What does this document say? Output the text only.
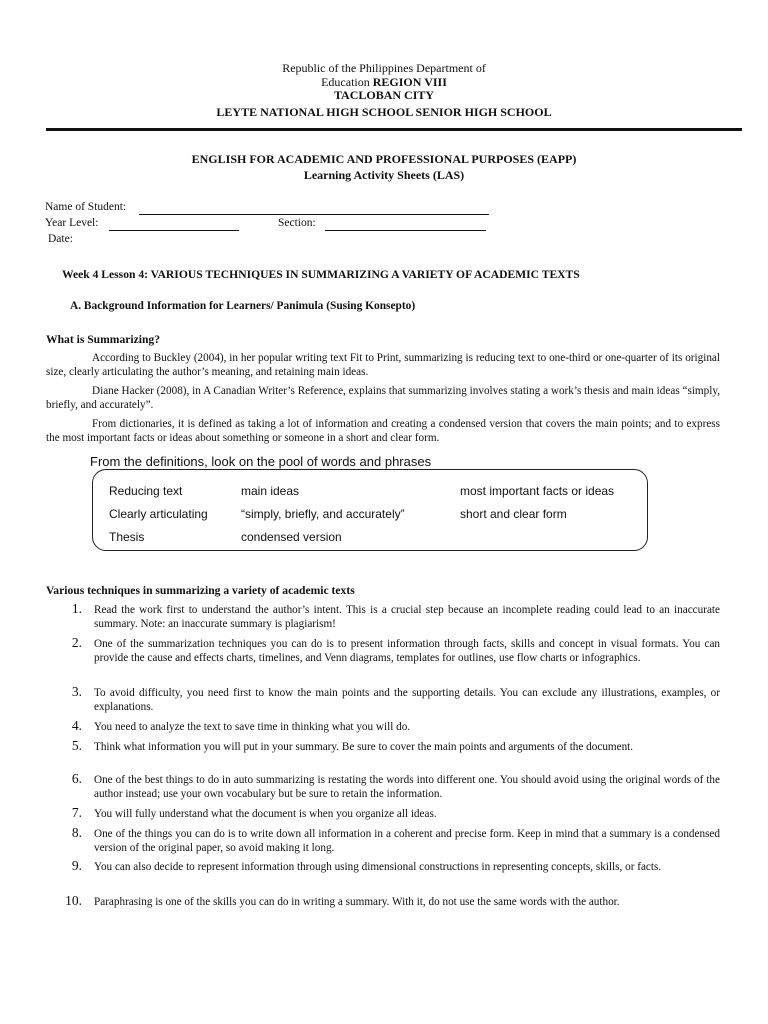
Republic of the Philippines Department of
Education REGION VIII
TACLOBAN CITY
LEYTE NATIONAL HIGH SCHOOL SENIOR HIGH SCHOOL
ENGLISH FOR ACADEMIC AND PROFESSIONAL PURPOSES (EAPP)
Learning Activity Sheets (LAS)
Name of Student:
Year Level:	Section:
Date:
Week 4 Lesson 4: VARIOUS TECHNIQUES IN SUMMARIZING A VARIETY OF ACADEMIC TEXTS
A. Background Information for Learners/ Panimula (Susing Konsepto)
What is Summarizing?
According to Buckley (2004), in her popular writing text Fit to Print, summarizing is reducing text to one-third or one-quarter of its original size, clearly articulating the author’s meaning, and retaining main ideas.
Diane Hacker (2008), in A Canadian Writer’s Reference, explains that summarizing involves stating a work’s thesis and main ideas “simply, briefly, and accurately”.
From dictionaries, it is defined as taking a lot of information and creating a condensed version that covers the main points; and to express the most important facts or ideas about something or someone in a short and clear form.
From the definitions, look on the pool of words and phrases
Reducing text	main ideas	most important facts or ideas
Clearly articulating	“simply, briefly, and accurately”	short and clear form
Thesis	condensed version
Various techniques in summarizing a variety of academic texts
1. Read the work first to understand the author’s intent. This is a crucial step because an incomplete reading could lead to an inaccurate summary. Note: an inaccurate summary is plagiarism!
2. One of the summarization techniques you can do is to present information through facts, skills and concept in visual formats. You can provide the cause and effects charts, timelines, and Venn diagrams, templates for outlines, use flow charts or infographics.
3. To avoid difficulty, you need first to know the main points and the supporting details. You can exclude any illustrations, examples, or explanations.
4. You need to analyze the text to save time in thinking what you will do.
5. Think what information you will put in your summary. Be sure to cover the main points and arguments of the document.
6. One of the best things to do in auto summarizing is restating the words into different one. You should avoid using the original words of the author instead; use your own vocabulary but be sure to retain the information.
7. You will fully understand what the document is when you organize all ideas.
8. One of the things you can do is to write down all information in a coherent and precise form. Keep in mind that a summary is a condensed version of the original paper, so avoid making it long.
9. You can also decide to represent information through using dimensional constructions in representing concepts, skills, or facts.
10. Paraphrasing is one of the skills you can do in writing a summary. With it, do not use the same words with the author.
